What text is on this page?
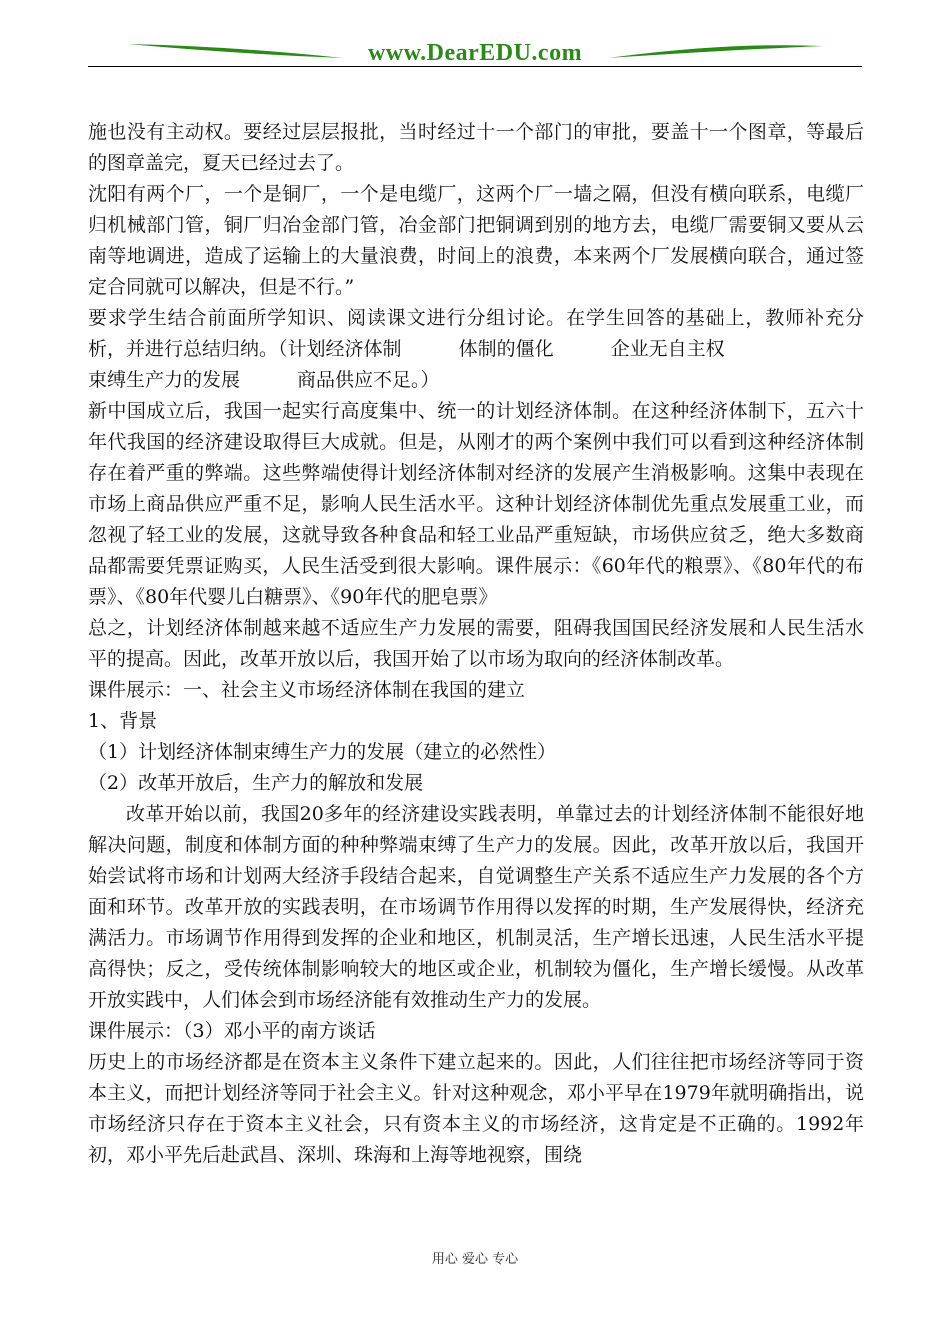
www.DearEDU.com

施也没有主动权。要经过层层报批，当时经过十一个部门的审批，要盖十一个图章，等最后的图章盖完，夏天已经过去了。

沈阳有两个厂，一个是铜厂，一个是电缆厂，这两个厂一墙之隔，但没有横向联系，电缆厂归机械部门管，铜厂归冶金部门管，冶金部门把铜调到别的地方去，电缆厂需要铜又要从云南等地调进，造成了运输上的大量浪费，时间上的浪费，本来两个厂发展横向联合，通过签定合同就可以解决，但是不行。”

要求学生结合前面所学知识、阅读课文进行分组讨论。在学生回答的基础上，教师补充分析，并进行总结归纳。（计划经济体制　　　	体制的僵化　　　	企业无自主权

束缚生产力的发展　　　	商品供应不足。）

新中国成立后，我国一起实行高度集中、统一的计划经济体制。在这种经济体制下，五六十年代我国的经济建设取得巨大成就。但是，从刚才的两个案例中我们可以看到这种经济体制存在着严重的弊端。这些弊端使得计划经济体制对经济的发展产生消极影响。这集中表现在市场上商品供应严重不足，影响人民生活水平。这种计划经济体制优先重点发展重工业，而忽视了轻工业的发展，这就导致各种食品和轻工业品严重短缺，市场供应贫乏，绝大多数商品都需要凭票证购买，人民生活受到很大影响。课件展示：《60年代的粮票》、《80年代的布票》、《80年代婴儿白糖票》、《90年代的肥皂票》

总之，计划经济体制越来越不适应生产力发展的需要，阻碍我国国民经济发展和人民生活水平的提高。因此，改革开放以后，我国开始了以市场为取向的经济体制改革。

课件展示：一、社会主义市场经济体制在我国的建立

1、背景

（1）计划经济体制束缚生产力的发展（建立的必然性）

（2）改革开放后，生产力的解放和发展

改革开始以前，我国20多年的经济建设实践表明，单靠过去的计划经济体制不能很好地解决问题，制度和体制方面的种种弊端束缚了生产力的发展。因此，改革开放以后，我国开始尝试将市场和计划两大经济手段结合起来，自觉调整生产关系不适应生产力发展的各个方面和环节。改革开放的实践表明，在市场调节作用得以发挥的时期，生产发展得快，经济充满活力。市场调节作用得到发挥的企业和地区，机制灵活，生产增长迅速，人民生活水平提高得快；反之，受传统体制影响较大的地区或企业，机制较为僵化，生产增长缓慢。从改革开放实践中，人们体会到市场经济能有效推动生产力的发展。

课件展示：（3）邓小平的南方谈话

历史上的市场经济都是在资本主义条件下建立起来的。因此，人们往往把市场经济等同于资本主义，而把计划经济等同于社会主义。针对这种观念，邓小平早在1979年就明确指出，说市场经济只存在于资本主义社会，只有资本主义的市场经济，这肯定是不正确的。1992年初，邓小平先后赴武昌、深圳、珠海和上海等地视察，围绕

用心 爱心 专心
